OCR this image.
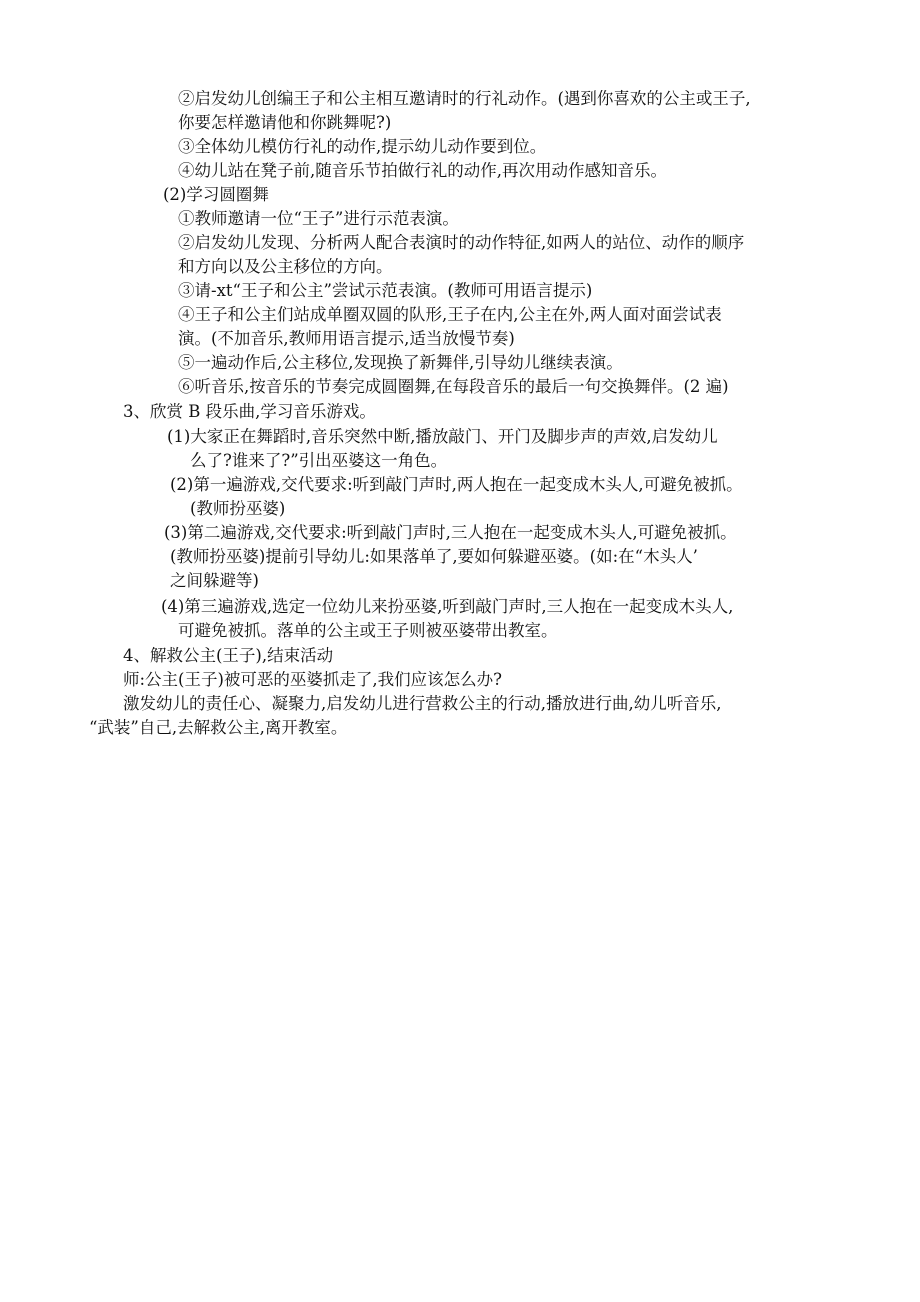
②启发幼儿创编王子和公主相互邀请时的行礼动作。(遇到你喜欢的公主或王子,
你要怎样邀请他和你跳舞呢?)
③全体幼儿模仿行礼的动作,提示幼儿动作要到位。
④幼儿站在凳子前,随音乐节拍做行礼的动作,再次用动作感知音乐。
(2)学习圆圈舞
①教师邀请一位“王子”进行示范表演。
②启发幼儿发现、分析两人配合表演时的动作特征,如两人的站位、动作的顺序
和方向以及公主移位的方向。
③请-xt“王子和公主”尝试示范表演。(教师可用语言提示)
④王子和公主们站成单圈双圆的队形,王子在内,公主在外,两人面对面尝试表
演。(不加音乐,教师用语言提示,适当放慢节奏)
⑤一遍动作后,公主移位,发现换了新舞伴,引导幼儿继续表演。
⑥听音乐,按音乐的节奏完成圆圈舞,在每段音乐的最后一句交换舞伴。(2 遍)
3、欣赏 B 段乐曲,学习音乐游戏。
(1)大家正在舞蹈时,音乐突然中断,播放敲门、开门及脚步声的声效,启发幼儿
么了?谁来了?”引出巫婆这一角色。
(2)第一遍游戏,交代要求:听到敲门声时,两人抱在一起变成木头人,可避免被抓。
(教师扮巫婆)
(3)第二遍游戏,交代要求:听到敲门声时,三人抱在一起变成木头人,可避免被抓。
(教师扮巫婆)提前引导幼儿:如果落单了,要如何躲避巫婆。(如:在“木头人’
之间躲避等)
(4)第三遍游戏,选定一位幼儿来扮巫婆,听到敲门声时,三人抱在一起变成木头人,
可避免被抓。落单的公主或王子则被巫婆带出教室。
4、解救公主(王子),结束活动
师:公主(王子)被可恶的巫婆抓走了,我们应该怎么办?
激发幼儿的责任心、凝聚力,启发幼儿进行营救公主的行动,播放进行曲,幼儿听音乐,
“武装”自己,去解救公主,离开教室。
